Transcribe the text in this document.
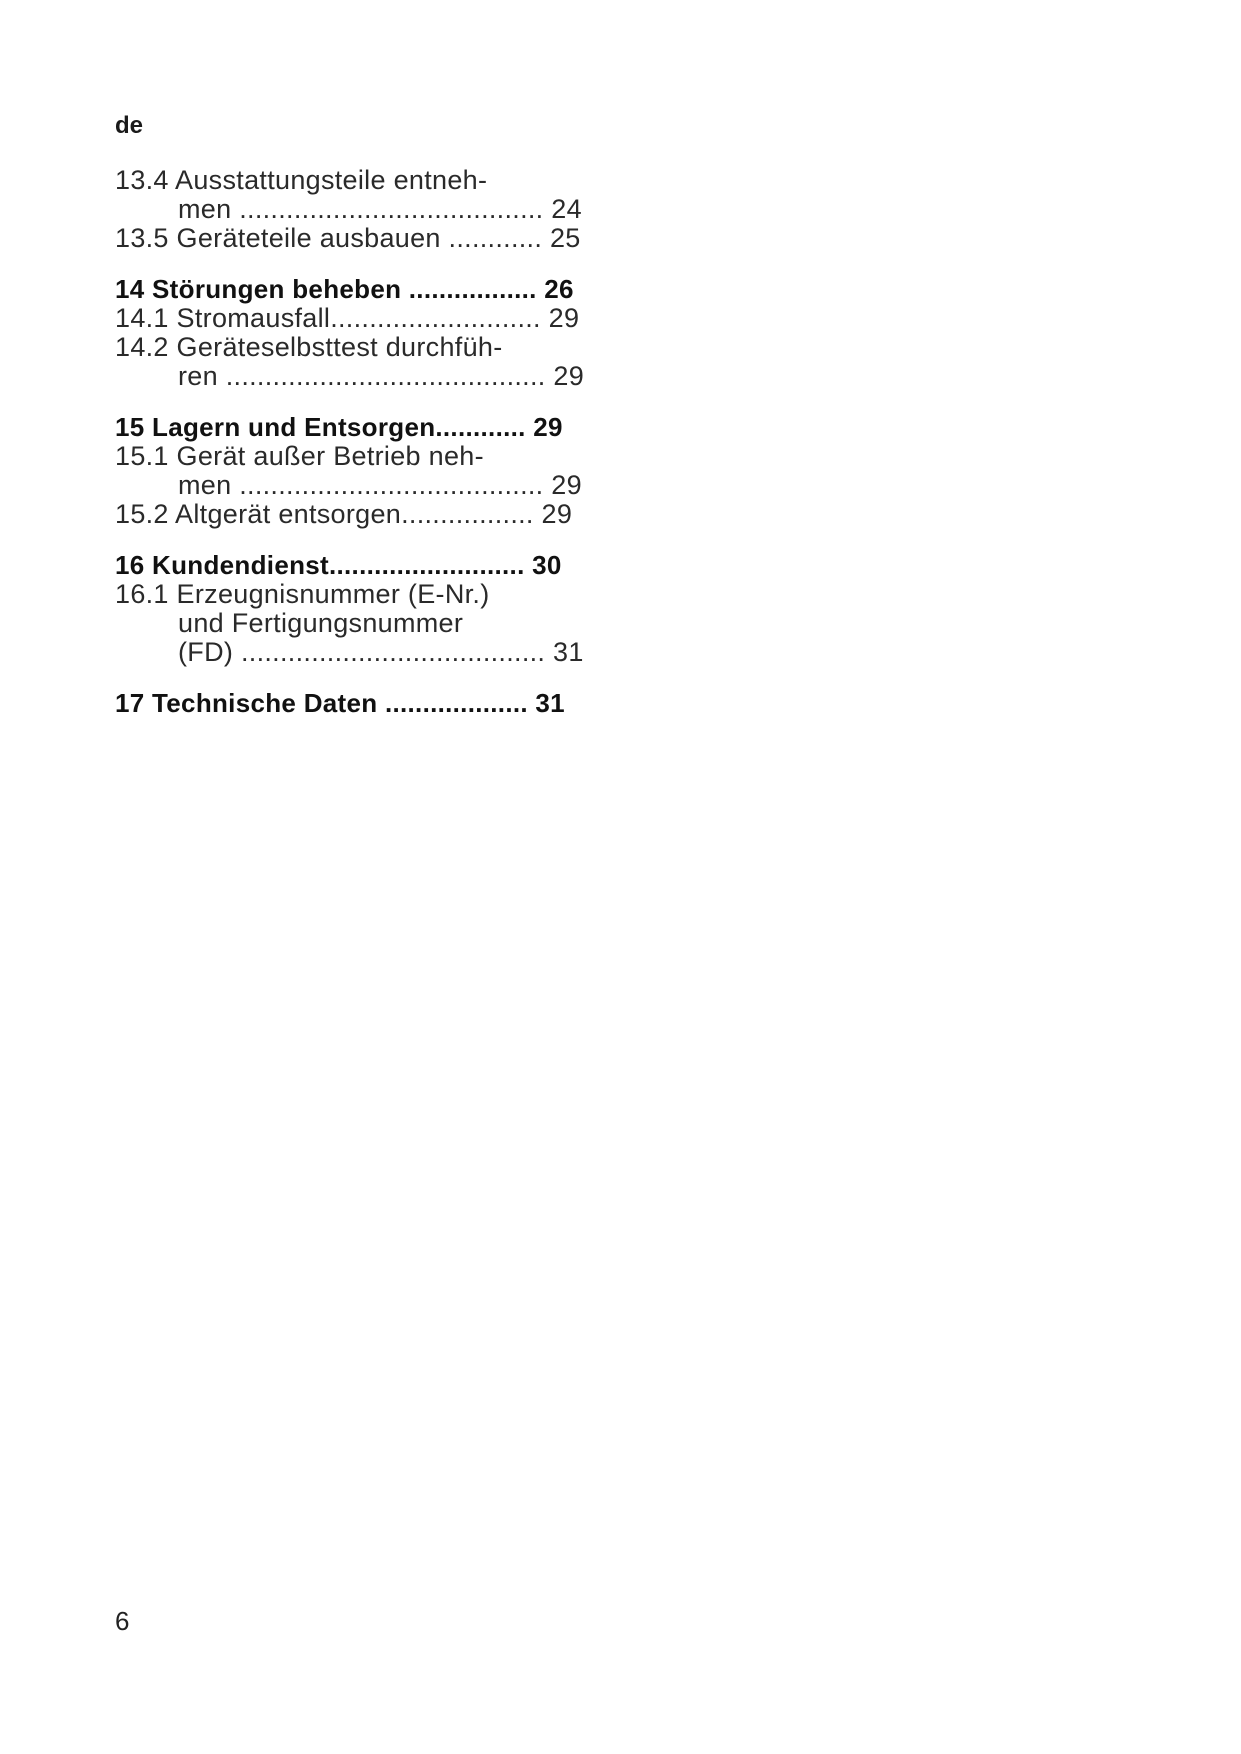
de
13.4 Ausstattungsteile entneh-
men ....................................... 24
13.5 Geräteteile ausbauen ............ 25
14 Störungen beheben ................. 26
14.1 Stromausfall........................... 29
14.2 Geräteselbsttest durchfüh-
ren ......................................... 29
15 Lagern und Entsorgen............ 29
15.1 Gerät außer Betrieb neh-
men ....................................... 29
15.2 Altgerät entsorgen................. 29
16 Kundendienst.......................... 30
16.1 Erzeugnisnummer (E-Nr.)
und Fertigungsnummer
(FD) ....................................... 31
17 Technische Daten ................... 31
6
